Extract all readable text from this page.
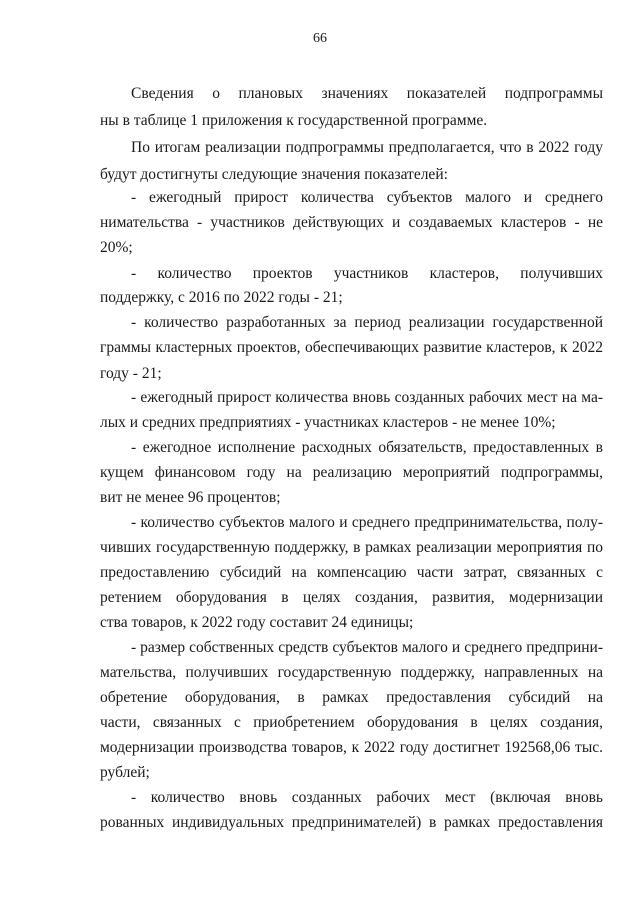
66
Сведения о плановых значениях показателей подпрограммы
ны в таблице 1 приложения к государственной программе.
По итогам реализации подпрограммы предполагается, что в 2022 году
будут достигнуты следующие значения показателей:
- ежегодный прирост количества субъектов малого и среднего
нимательства - участников действующих и создаваемых кластеров - не
20%;
- количество проектов участников кластеров, получивших
поддержку, с 2016 по 2022 годы - 21;
- количество разработанных за период реализации государственной
граммы кластерных проектов, обеспечивающих развитие кластеров, к 2022
году - 21;
- ежегодный прирост количества вновь созданных рабочих мест на ма-
лых и средних предприятиях - участниках кластеров - не менее 10%;
- ежегодное исполнение расходных обязательств, предоставленных в
кущем финансовом году на реализацию мероприятий подпрограммы,
вит не менее 96 процентов;
- количество субъектов малого и среднего предпринимательства, полу-
чивших государственную поддержку, в рамках реализации мероприятия по
предоставлению субсидий на компенсацию части затрат, связанных с
ретением оборудования в целях создания, развития, модернизации
ства товаров, к 2022 году составит 24 единицы;
- размер собственных средств субъектов малого и среднего предприни-
мательства, получивших государственную поддержку, направленных на
обретение оборудования, в рамках предоставления субсидий на
части, связанных с приобретением оборудования в целях создания,
модернизации производства товаров, к 2022 году достигнет 192568,06 тыс.
рублей;
- количество вновь созданных рабочих мест (включая вновь
рованных индивидуальных предпринимателей) в рамках предоставления
